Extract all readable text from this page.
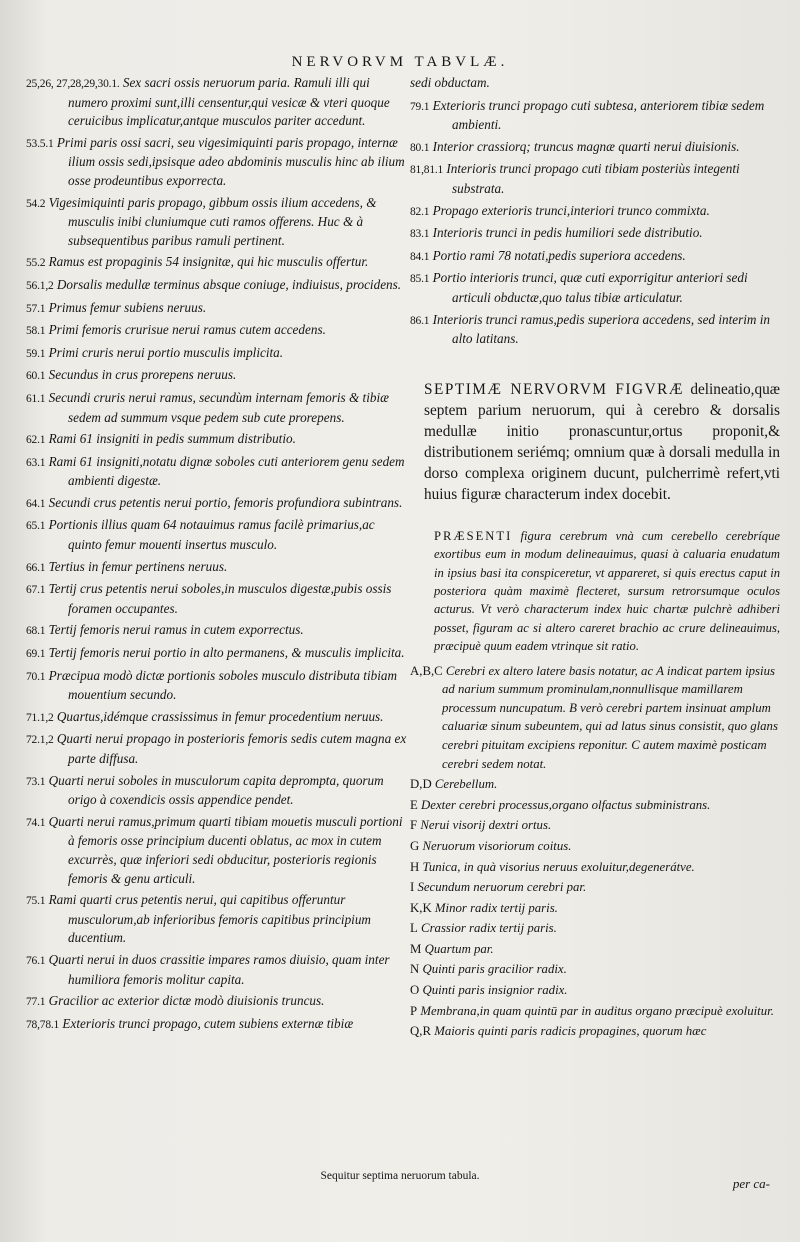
NERVORVM TABVLÆ.
25,26, 27,28,29,30.1. Sex sacri ossis neruorum paria. Ramuli illi qui numero proximi sunt,illi censentur,qui vesicæ & vteri quoque ceruicibus implicatur,antque musculos pariter accedunt.
53.5.1 Primi paris ossi sacri, seu vigesimiquinti paris propago, internæ ilium ossis sedi,ipsisque adeo abdominis musculis hinc ab ilium osse prodeuntibus exporrecta.
54.2 Vigesimiquinti paris propago, gibbum ossis ilium accedens, & musculis inibi cluniumque cuti ramos offerens. Huc & à subsequentibus paribus ramuli pertinent.
55.2 Ramus est propaginis 54 insignitæ, qui hic musculis offertur.
56.1,2 Dorsalis medullæ terminus absque coniuge, indiuisus, procidens.
57.1 Primus femur subiens neruus.
58.1 Primi femoris crurisue nerui ramus cutem accedens.
59.1 Primi cruris nerui portio musculis implicita.
60.1 Secundus in crus prorepens neruus.
61.1 Secundi cruris nerui ramus, secundùm internam femoris & tibiæ sedem ad summum vsque pedem sub cute prorepens.
62.1 Rami 61 insigniti in pedis summum distributio.
63.1 Rami 61 insigniti,notatu dignæ soboles cuti anteriorem genu sedem ambienti digestæ.
64.1 Secundi crus petentis nerui portio, femoris profundiora subintrans.
65.1 Portionis illius quam 64 notauimus ramus facilè primarius,ac quinto femur mouenti insertus musculo.
66.1 Tertius in femur pertinens neruus.
67.1 Tertij crus petentis nerui soboles,in musculos digestæ,pubis ossis foramen occupantes.
68.1 Tertij femoris nerui ramus in cutem exporrectus.
69.1 Tertij femoris nerui portio in alto permanens, & musculis implicita.
70.1 Præcipua modò dictæ portionis soboles musculo distributa tibiam mouentium secundo.
71.1,2 Quartus,idémque crassissimus in femur procedentium neruus.
72.1,2 Quarti nerui propago in posterioris femoris sedis cutem magna ex parte diffusa.
73.1 Quarti nerui soboles in musculorum capita deprompta, quorum origo à coxendicis ossis appendice pendet.
74.1 Quarti nerui ramus,primum quarti tibiam mouetis musculi portioni à femoris osse principium ducenti oblatus, ac mox in cutem excurrès, quæ inferiori sedi obducitur, posterioris regionis femoris & genu articuli.
75.1 Rami quarti crus petentis nerui, qui capitibus offeruntur musculorum,ab inferioribus femoris capitibus principium ducentium.
76.1 Quarti nerui in duos crassitie impares ramos diuisio, quam inter humiliora femoris molitur capita.
77.1 Gracilior ac exterior dictæ modò diuisionis truncus.
78,78.1 Exterioris trunci propago, cutem subiens externæ tibiæ
sedi obductam.
79.1 Exterioris trunci propago cuti subtesa, anteriorem tibiæ sedem ambienti.
80.1 Interior crassiorq; truncus magnæ quarti nerui diuisionis.
81,81.1 Interioris trunci propago cuti tibiam posteriùs integenti substrata.
82.1 Propago exterioris trunci,interiori trunco commixta.
83.1 Interioris trunci in pedis humiliori sede distributio.
84.1 Portio rami 78 notati,pedis superiora accedens.
85.1 Portio interioris trunci, quæ cuti exporrigitur anteriori sedi articuli obductæ,quo talus tibiæ articulatur.
86.1 Interioris trunci ramus,pedis superiora accedens, sed interim in alto latitans.
SEPTIMÆ NERVORVM FIGVRÆ delineatio,quæ septem parium neruorum, qui à cerebro & dorsalis medullæ initio pronascuntur,ortus proponit,& distributionem seriémq; omnium quæ à dorsali medulla in dorso complexa originem ducunt, pulcherrimè refert,vti huius figuræ characterum index docebit.
PRÆSENTI figura cerebrum vnà cum cerebello cerebríque exortibus eum in modum delineauimus, quasi à caluaria enudatum in ipsius basi ita conspiceretur, vt appareret, si quis erectus caput in posteriora quàm maximè flecteret, sursum retrorsumque oculos acturus. Vt verò characterum index huic chartæ pulchrè adhiberi posset, figuram ac si altero careret brachio ac crure delineauimus, præcipuè quum eadem vtrinque sit ratio.
A,B,C Cerebri ex altero latere basis notatur, ac A indicat partem ipsius ad narium summum prominulam,nonnullisque mamillarem processum nuncupatum. B verò cerebri partem insinuat amplum caluariæ sinum subeuntem, qui ad latus sinus consistit, quo glans cerebri pituitam excipiens reponitur. C autem maximè posticam cerebri sedem notat.
D,D Cerebellum.
E Dexter cerebri processus,organo olfactus subministrans.
F Nerui visorij dextri ortus.
G Neruorum visoriorum coitus.
H Tunica, in quà visorius neruus exoluitur,degenerátve.
I Secundum neruorum cerebri par.
K,K Minor radix tertij paris.
L Crassior radix tertij paris.
M Quartum par.
N Quinti paris gracilior radix.
O Quinti paris insignior radix.
P Membrana,in quam quintū par in auditus organo præcipuè exoluitur.
Q,R Maioris quinti paris radicis propagines, quorum hæc
per ca-
Sequitur septima neruorum tabula.
